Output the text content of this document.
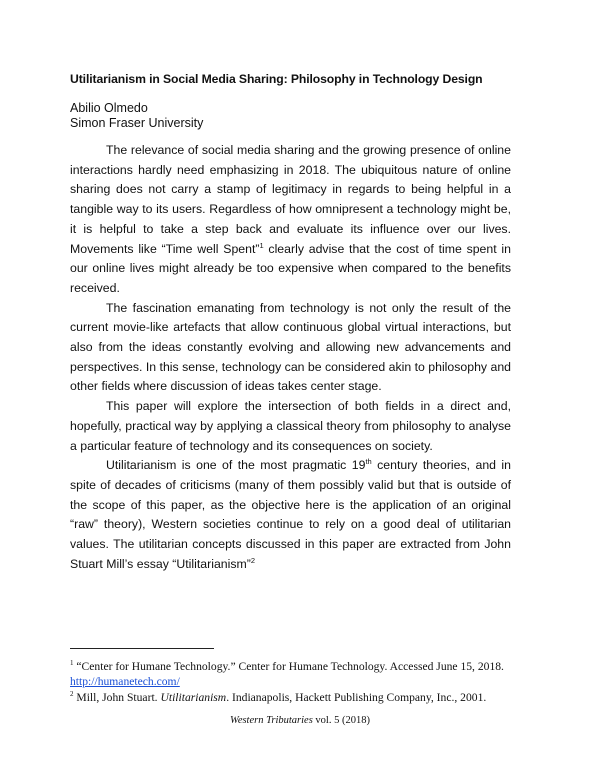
Utilitarianism in Social Media Sharing: Philosophy in Technology Design
Abilio Olmedo
Simon Fraser University

The relevance of social media sharing and the growing presence of online interactions hardly need emphasizing in 2018. The ubiquitous nature of online sharing does not carry a stamp of legitimacy in regards to being helpful in a tangible way to its users. Regardless of how omnipresent a technology might be, it is helpful to take a step back and evaluate its influence over our lives. Movements like “Time well Spent”$^1$ clearly advise that the cost of time spent in our online lives might already be too expensive when compared to the benefits received.

The fascination emanating from technology is not only the result of the current movie-like artefacts that allow continuous global virtual interactions, but also from the ideas constantly evolving and allowing new advancements and perspectives. In this sense, technology can be considered akin to philosophy and other fields where discussion of ideas takes center stage.

This paper will explore the intersection of both fields in a direct and, hopefully, practical way by applying a classical theory from philosophy to analyse a particular feature of technology and its consequences on society.

Utilitarianism is one of the most pragmatic 19th century theories, and in spite of decades of criticisms (many of them possibly valid but that is outside of the scope of this paper, as the objective here is the application of an original “raw” theory), Western societies continue to rely on a good deal of utilitarian values. The utilitarian concepts discussed in this paper are extracted from John Stuart Mill’s essay “Utilitarianism”$^2$

$^1$ “Center for Humane Technology.” Center for Humane Technology. Accessed June 15, 2018. http://humanetech.com/

$^2$ Mill, John Stuart. Utilitarianism. Indianapolis, Hackett Publishing Company, Inc., 2001.

Western Tributaries vol. 5 (2018)
